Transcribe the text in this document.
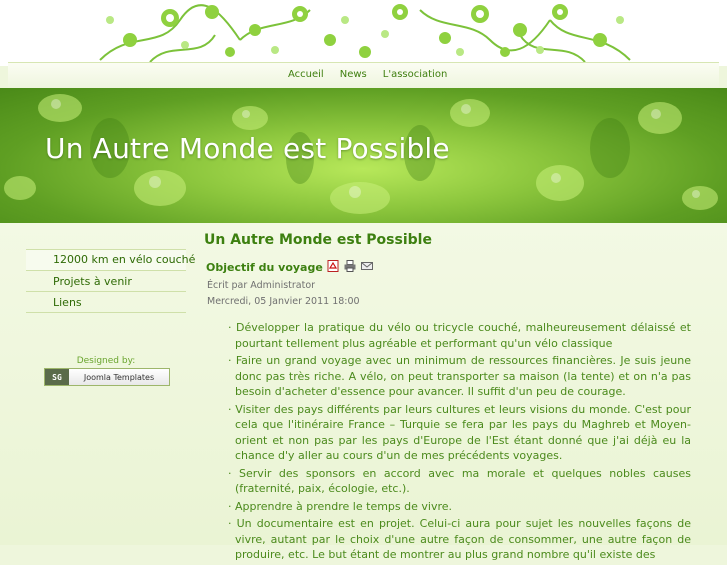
Accueil	News	L'association
Un Autre Monde est Possible
12000 km en vélo couché
Projets à venir
Liens
Designed by:
SG	Joomla Templates
Un Autre Monde est Possible
Objectif du voyage
Écrit par Administrator
Mercredi, 05 Janvier 2011 18:00
· Développer la pratique du vélo ou tricycle couché, malheureusement délaissé et pourtant tellement plus agréable et performant qu'un vélo classique
· Faire un grand voyage avec un minimum de ressources financières. Je suis jeune donc pas très riche. A vélo, on peut transporter sa maison (la tente) et on n'a pas besoin d'acheter d'essence pour avancer. Il suffit d'un peu de courage.
· Visiter des pays différents par leurs cultures et leurs visions du monde. C'est pour cela que l'itinéraire France – Turquie se fera par les pays du Maghreb et Moyen-orient et non pas par les pays d'Europe de l'Est étant donné que j'ai déjà eu la chance d'y aller au cours d'un de mes précédents voyages.
· Servir des sponsors en accord avec ma morale et quelques nobles causes (fraternité, paix, écologie, etc.).
· Apprendre à prendre le temps de vivre.
· Un documentaire est en projet. Celui-ci aura pour sujet les nouvelles façons de vivre, autant par le choix d'une autre façon de consommer, une autre façon de produire, etc. Le but étant de montrer au plus grand nombre qu'il existe des
